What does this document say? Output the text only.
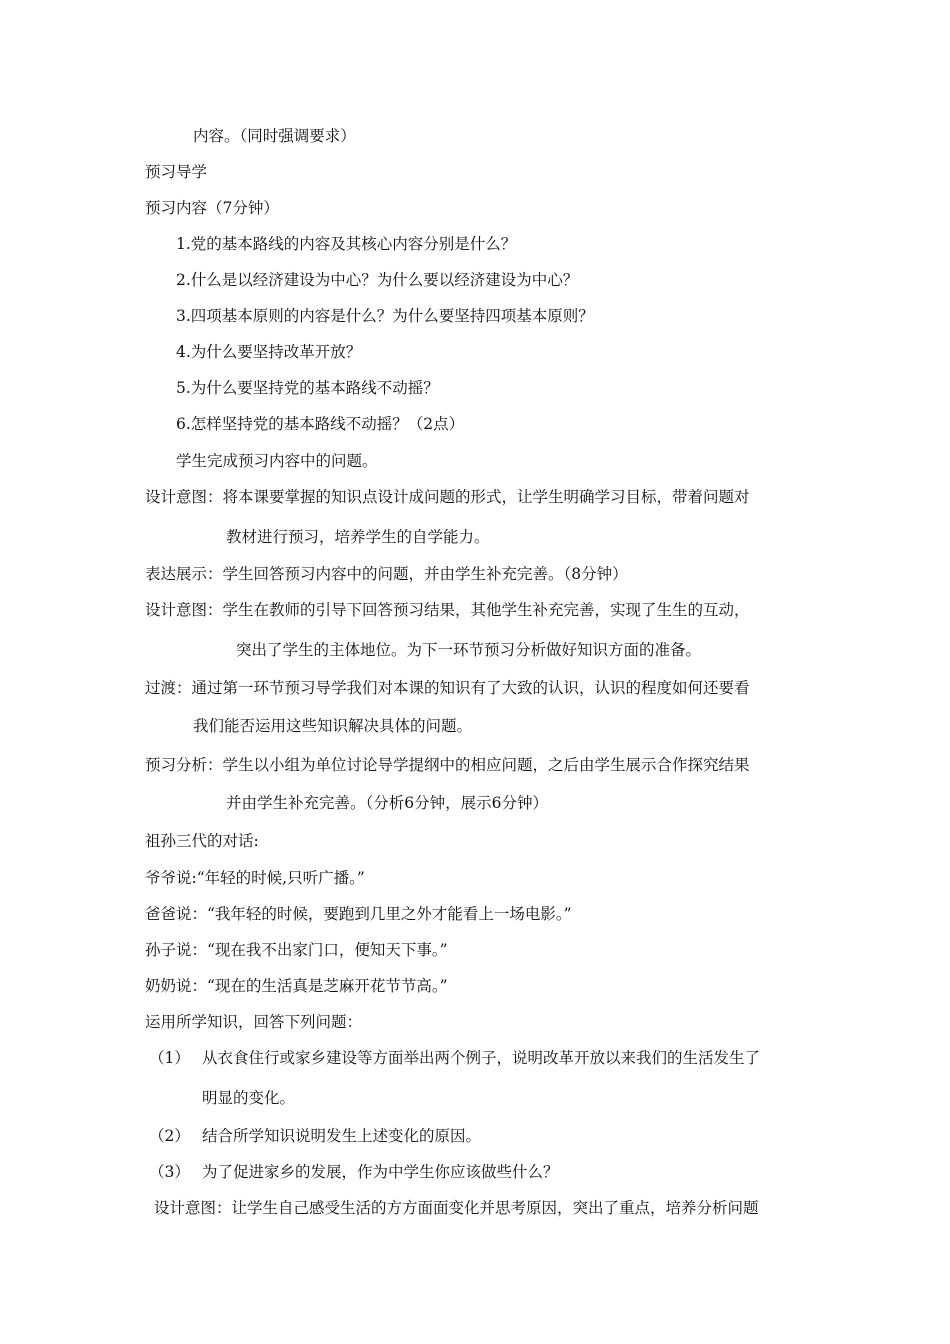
内容。（同时强调要求）
预习导学
预习内容（7分钟）
1.党的基本路线的内容及其核心内容分别是什么？
2.什么是以经济建设为中心？为什么要以经济建设为中心？
3.四项基本原则的内容是什么？为什么要坚持四项基本原则？
4.为什么要坚持改革开放？
5.为什么要坚持党的基本路线不动摇？
6.怎样坚持党的基本路线不动摇？（2点）
学生完成预习内容中的问题。
设计意图：将本课要掌握的知识点设计成问题的形式，让学生明确学习目标，带着问题对
教材进行预习，培养学生的自学能力。
表达展示：学生回答预习内容中的问题，并由学生补充完善。（8分钟）
设计意图：学生在教师的引导下回答预习结果，其他学生补充完善，实现了生生的互动，
突出了学生的主体地位。为下一环节预习分析做好知识方面的准备。
过渡：通过第一环节预习导学我们对本课的知识有了大致的认识，认识的程度如何还要看
我们能否运用这些知识解决具体的问题。
预习分析：学生以小组为单位讨论导学提纲中的相应问题，之后由学生展示合作探究结果
并由学生补充完善。（分析6分钟，展示6分钟）
祖孙三代的对话:
爷爷说:“年轻的时候,只听广播。”
爸爸说：“我年轻的时候，要跑到几里之外才能看上一场电影。”
孙子说：“现在我不出家门口，便知天下事。”
奶奶说：“现在的生活真是芝麻开花节节高。”
运用所学知识，回答下列问题：
（1） 从衣食住行或家乡建设等方面举出两个例子，说明改革开放以来我们的生活发生了
明显的变化。
（2） 结合所学知识说明发生上述变化的原因。
（3） 为了促进家乡的发展，作为中学生你应该做些什么？
设计意图：让学生自己感受生活的方方面面变化并思考原因，突出了重点，培养分析问题
